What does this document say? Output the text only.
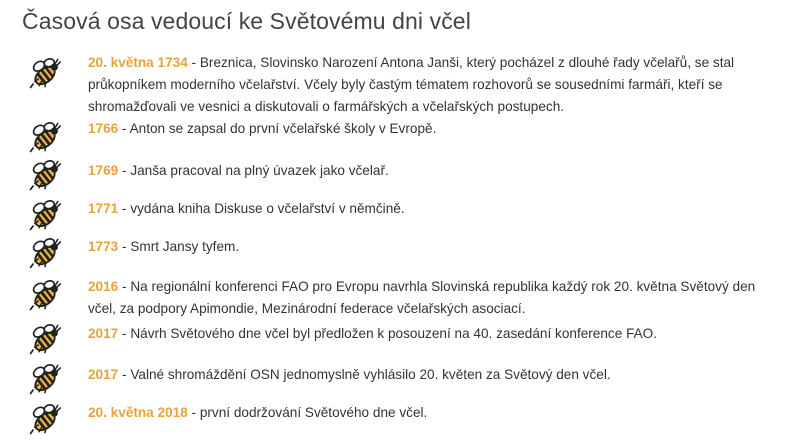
Časová osa vedoucí ke Světovému dni včel
20. května 1734 - Breznica, Slovinsko Narození Antona Janši, který pocházel z dlouhé řady včelařů, se stal průkopníkem moderního včelařství. Včely byly častým tématem rozhovorů se sousedními farmáři, kteří se shromažďovali ve vesnici a diskutovali o farmářských a včelařských postupech.
1766 - Anton se zapsal do první včelařské školy v Evropě.
1769 - Janša pracoval na plný úvazek jako včelař.
1771 - vydána kniha Diskuse o včelařství v němčině.
1773 - Smrt Jansy tyfem.
2016 - Na regionální konferenci FAO pro Evropu navrhla Slovinská republika každý rok 20. května Světový den včel, za podpory Apimondie, Mezinárodní federace včelařských asociací.
2017 - Návrh Světového dne včel byl předložen k posouzení na 40. zasedání konference FAO.
2017 - Valné shromáždění OSN jednomyslně vyhlásilo 20. květen za Světový den včel.
20. května 2018 - první dodržování Světového dne včel.
